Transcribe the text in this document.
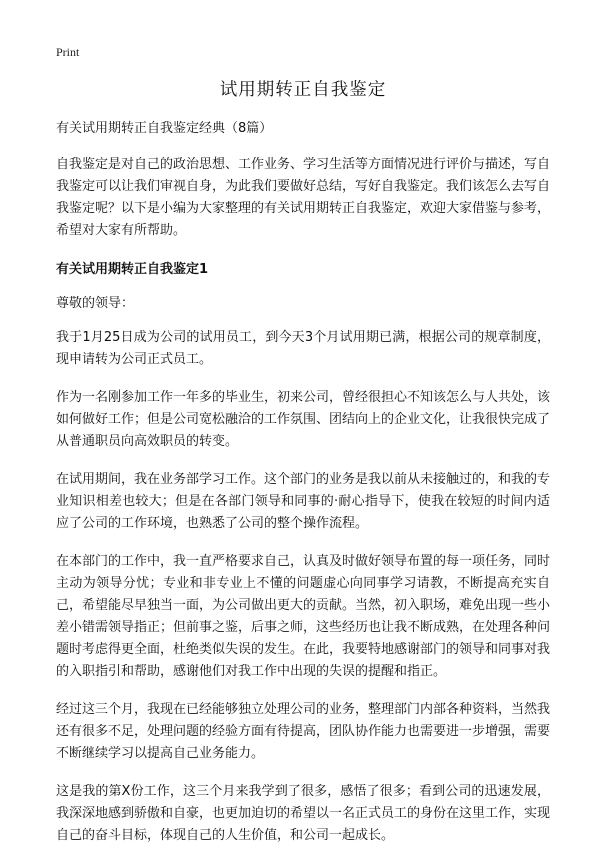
Print
试用期转正自我鉴定

有关试用期转正自我鉴定经典（8篇）

自我鉴定是对自己的政治思想、工作业务、学习生活等方面情况进行评价与描述，写自我鉴定可以让我们审视自身，为此我们要做好总结，写好自我鉴定。我们该怎么去写自我鉴定呢？以下是小编为大家整理的有关试用期转正自我鉴定，欢迎大家借鉴与参考，希望对大家有所帮助。

有关试用期转正自我鉴定1

尊敬的领导：

我于1月25日成为公司的试用员工，到今天3个月试用期已满，根据公司的规章制度，现申请转为公司正式员工。

作为一名刚参加工作一年多的毕业生，初来公司，曾经很担心不知该怎么与人共处，该如何做好工作；但是公司宽松融洽的工作氛围、团结向上的企业文化，让我很快完成了从普通职员向高效职员的转变。

在试用期间，我在业务部学习工作。这个部门的业务是我以前从未接触过的，和我的专业知识相差也较大；但是在各部门领导和同事的·耐心指导下，使我在较短的时间内适应了公司的工作环境，也熟悉了公司的整个操作流程。

在本部门的工作中，我一直严格要求自己，认真及时做好领导布置的每一项任务，同时主动为领导分忧；专业和非专业上不懂的问题虚心向同事学习请教，不断提高充实自己，希望能尽早独当一面，为公司做出更大的贡献。当然，初入职场，难免出现一些小差小错需领导指正；但前事之鉴，后事之师，这些经历也让我不断成熟，在处理各种问题时考虑得更全面，杜绝类似失误的发生。在此，我要特地感谢部门的领导和同事对我的入职指引和帮助，感谢他们对我工作中出现的失误的提醒和指正。

经过这三个月，我现在已经能够独立处理公司的业务，整理部门内部各种资料，当然我还有很多不足，处理问题的经验方面有待提高，团队协作能力也需要进一步增强，需要不断继续学习以提高自己业务能力。

这是我的第X份工作，这三个月来我学到了很多，感悟了很多；看到公司的迅速发展，我深深地感到骄傲和自豪，也更加迫切的希望以一名正式员工的身份在这里工作，实现自己的奋斗目标，体现自己的人生价值，和公司一起成长。
